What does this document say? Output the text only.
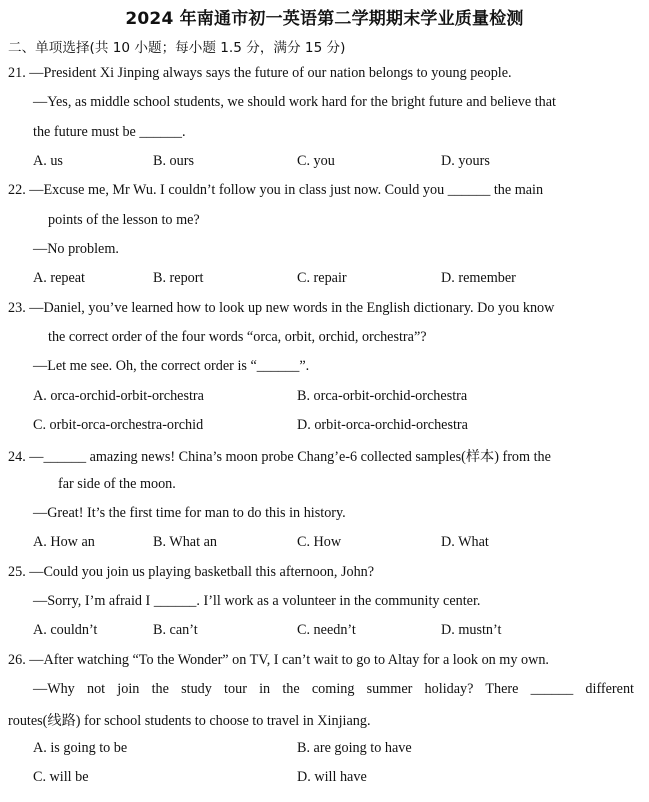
2024 年南通市初一英语第二学期期末学业质量检测
二、单项选择(共 10 小题；每小题 1.5 分，满分 15 分)
21. —President Xi Jinping always says the future of our nation belongs to young people.
—Yes, as middle school students, we should work hard for the bright future and believe that
the future must be ______.
A. us	B. ours	C. you	D. yours
22. —Excuse me, Mr Wu. I couldn’t follow you in class just now. Could you ______ the main
points of the lesson to me?
—No problem.
A. repeat	B. report	C. repair	D. remember
23. —Daniel, you’ve learned how to look up new words in the English dictionary. Do you know
the correct order of the four words “orca, orbit, orchid, orchestra”?
—Let me see. Oh, the correct order is “______”.
A. orca-orchid-orbit-orchestra	B. orca-orbit-orchid-orchestra
C. orbit-orca-orchestra-orchid	D. orbit-orca-orchid-orchestra
24. —______ amazing news! China’s moon probe Chang’e-6 collected samples(样本) from the
far side of the moon.
—Great! It’s the first time for man to do this in history.
A. How an	B. What an	C. How	D. What
25. —Could you join us playing basketball this afternoon, John?
—Sorry, I’m afraid I ______. I’ll work as a volunteer in the community center.
A. couldn’t	B. can’t	C. needn’t	D. mustn’t
26. —After watching “To the Wonder” on TV, I can’t wait to go to Altay for a look on my own.
—Why not join the study tour in the coming summer holiday? There ______ different
routes(线路) for school students to choose to travel in Xinjiang.
A. is going to be	B. are going to have
C. will be	D. will have
